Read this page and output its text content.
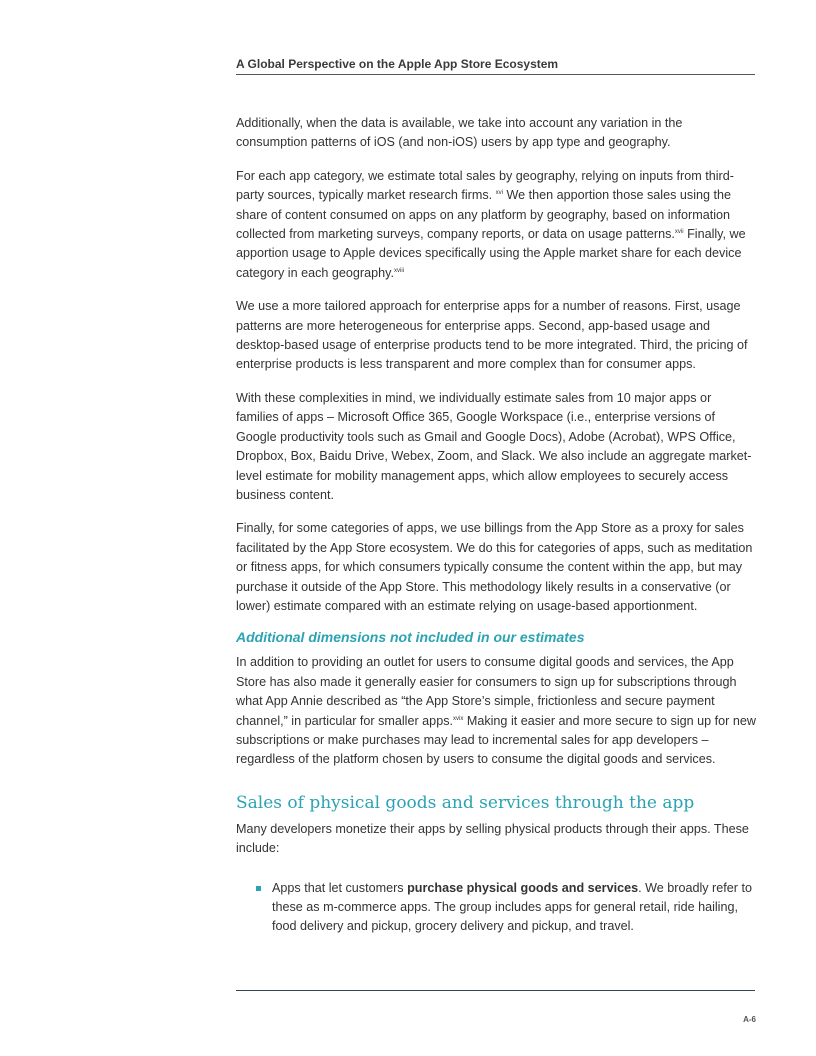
A Global Perspective on the Apple App Store Ecosystem

Additionally, when the data is available, we take into account any variation in the consumption patterns of iOS (and non-iOS) users by app type and geography.

For each app category, we estimate total sales by geography, relying on inputs from third-party sources, typically market research firms. $^{xvi}$ We then apportion those sales using the share of content consumed on apps on any platform by geography, based on information collected from marketing surveys, company reports, or data on usage patterns.$^{xvii}$ Finally, we apportion usage to Apple devices specifically using the Apple market share for each device category in each geography.$^{xviii}$

We use a more tailored approach for enterprise apps for a number of reasons. First, usage patterns are more heterogeneous for enterprise apps. Second, app-based usage and desktop-based usage of enterprise products tend to be more integrated. Third, the pricing of enterprise products is less transparent and more complex than for consumer apps.

With these complexities in mind, we individually estimate sales from 10 major apps or families of apps – Microsoft Office 365, Google Workspace (i.e., enterprise versions of Google productivity tools such as Gmail and Google Docs), Adobe (Acrobat), WPS Office, Dropbox, Box, Baidu Drive, Webex, Zoom, and Slack. We also include an aggregate market-level estimate for mobility management apps, which allow employees to securely access business content.

Finally, for some categories of apps, we use billings from the App Store as a proxy for sales facilitated by the App Store ecosystem. We do this for categories of apps, such as meditation or fitness apps, for which consumers typically consume the content within the app, but may purchase it outside of the App Store. This methodology likely results in a conservative (or lower) estimate compared with an estimate relying on usage-based apportionment.

Additional dimensions not included in our estimates

In addition to providing an outlet for users to consume digital goods and services, the App Store has also made it generally easier for consumers to sign up for subscriptions through what App Annie described as “the App Store’s simple, frictionless and secure payment channel,” in particular for smaller apps.$^{xvix}$ Making it easier and more secure to sign up for new subscriptions or make purchases may lead to incremental sales for app developers – regardless of the platform chosen by users to consume the digital goods and services.

Sales of physical goods and services through the app

Many developers monetize their apps by selling physical products through their apps. These include:

Apps that let customers purchase physical goods and services. We broadly refer to these as m-commerce apps. The group includes apps for general retail, ride hailing, food delivery and pickup, grocery delivery and pickup, and travel.

A-6
